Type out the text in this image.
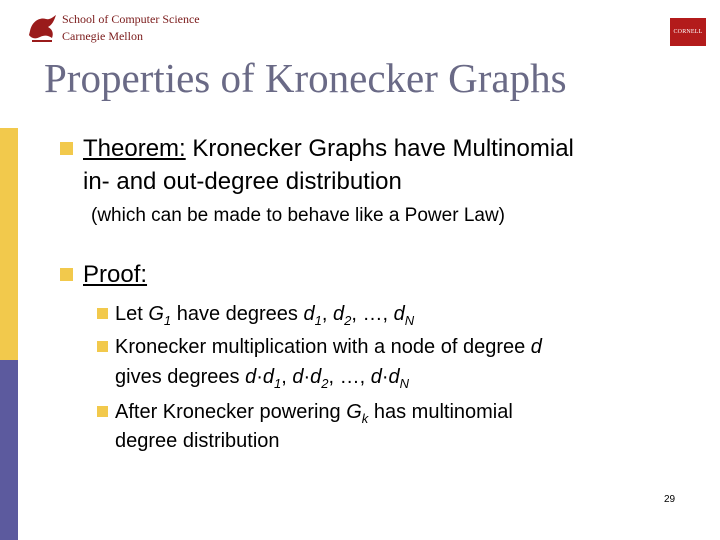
School of Computer Science
Carnegie Mellon	CORNELL
Properties of Kronecker Graphs
Theorem: Kronecker Graphs have Multinomial
in- and out-degree distribution
(which can be made to behave like a Power Law)
Proof:
Let $G_1$ have degrees $d_1$, $d_2$, …, $d_N$
Kronecker multiplication with a node of degree d
gives degrees $d\cdot d_1$, $d\cdot d_2$, …, $d\cdot d_N$
After Kronecker powering $G_k$ has multinomial
degree distribution
29
